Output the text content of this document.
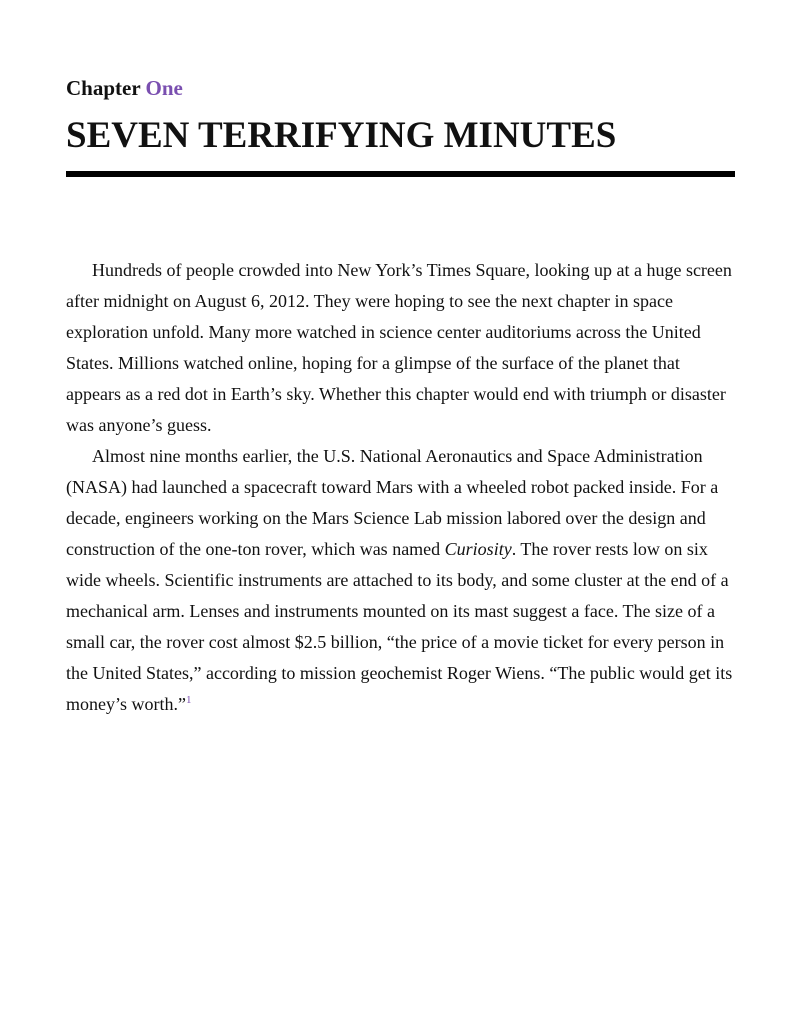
Chapter One
SEVEN TERRIFYING MINUTES

Hundreds of people crowded into New York’s Times Square, looking up at a huge screen after midnight on August 6, 2012. They were hoping to see the next chapter in space exploration unfold. Many more watched in science center auditoriums across the United States. Millions watched online, hoping for a glimpse of the surface of the planet that appears as a red dot in Earth’s sky. Whether this chapter would end with triumph or disaster was anyone’s guess.

Almost nine months earlier, the U.S. National Aeronautics and Space Administration (NASA) had launched a spacecraft toward Mars with a wheeled robot packed inside. For a decade, engineers working on the Mars Science Lab mission labored over the design and construction of the one-ton rover, which was named Curiosity. The rover rests low on six wide wheels. Scientific instruments are attached to its body, and some cluster at the end of a mechanical arm. Lenses and instruments mounted on its mast suggest a face. The size of a small car, the rover cost almost $2.5 billion, “the price of a movie ticket for every person in the United States,” according to mission geochemist Roger Wiens. “The public would get its money’s worth.”$^1$
